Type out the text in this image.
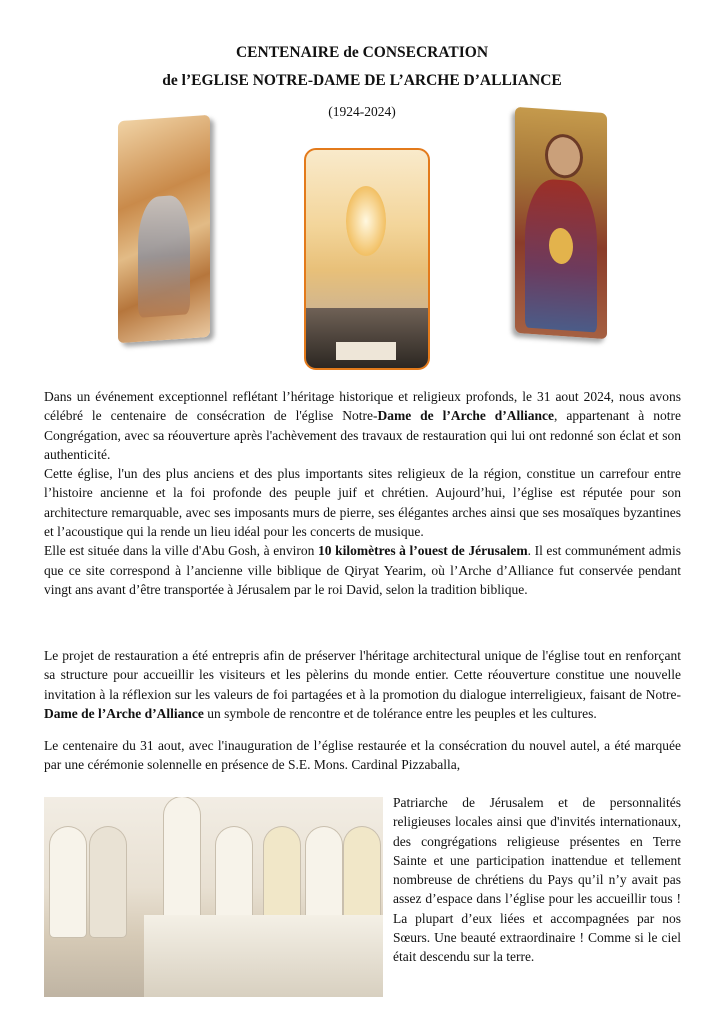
CENTENAIRE de CONSECRATION
de l’EGLISE NOTRE-DAME DE L’ARCHE D’ALLIANCE
(1924-2024)

Dans un événement exceptionnel reflétant l’héritage historique et religieux profonds, le 31 aout 2024, nous avons célébré le centenaire de consécration de l'église Notre-Dame de l’Arche d’Alliance, appartenant à notre Congrégation, avec sa réouverture après l'achèvement des travaux de restauration qui lui ont redonné son éclat et son authenticité.
Cette église, l'un des plus anciens et des plus importants sites religieux de la région, constitue un carrefour entre l’histoire ancienne et la foi profonde des peuple juif et chrétien. Aujourd’hui, l’église est réputée pour son architecture remarquable, avec ses imposants murs de pierre, ses élégantes arches ainsi que ses mosaïques byzantines et l’acoustique qui la rende un lieu idéal pour les concerts de musique.
Elle est située dans la ville d'Abu Gosh, à environ 10 kilomètres à l’ouest de Jérusalem. Il est communément admis que ce site correspond à l’ancienne ville biblique de Qiryat Yearim, où l’Arche d’Alliance fut conservée pendant vingt ans avant d’être transportée à Jérusalem par le roi David, selon la tradition biblique.

Le projet de restauration a été entrepris afin de préserver l'héritage architectural unique de l'église tout en renforçant sa structure pour accueillir les visiteurs et les pèlerins du monde entier. Cette réouverture constitue une nouvelle invitation à la réflexion sur les valeurs de foi partagées et à la promotion du dialogue interreligieux, faisant de Notre-Dame de l’Arche d’Alliance un symbole de rencontre et de tolérance entre les peuples et les cultures.

Le centenaire du 31 aout, avec l'inauguration de l’église restaurée et la consécration du nouvel autel, a été marquée par une cérémonie solennelle en présence de S.E. Mons. Cardinal Pizzaballa,

Patriarche de Jérusalem et de personnalités religieuses locales ainsi que d'invités internationaux, des congrégations religieuse présentes en Terre Sainte et une participation inattendue et tellement nombreuse de chrétiens du Pays qu’il n’y avait pas assez d’espace dans l’église pour les accueillir tous ! La plupart d’eux liées et accompagnées par nos Sœurs. Une beauté extraordinaire ! Comme si le ciel était descendu sur la terre.
